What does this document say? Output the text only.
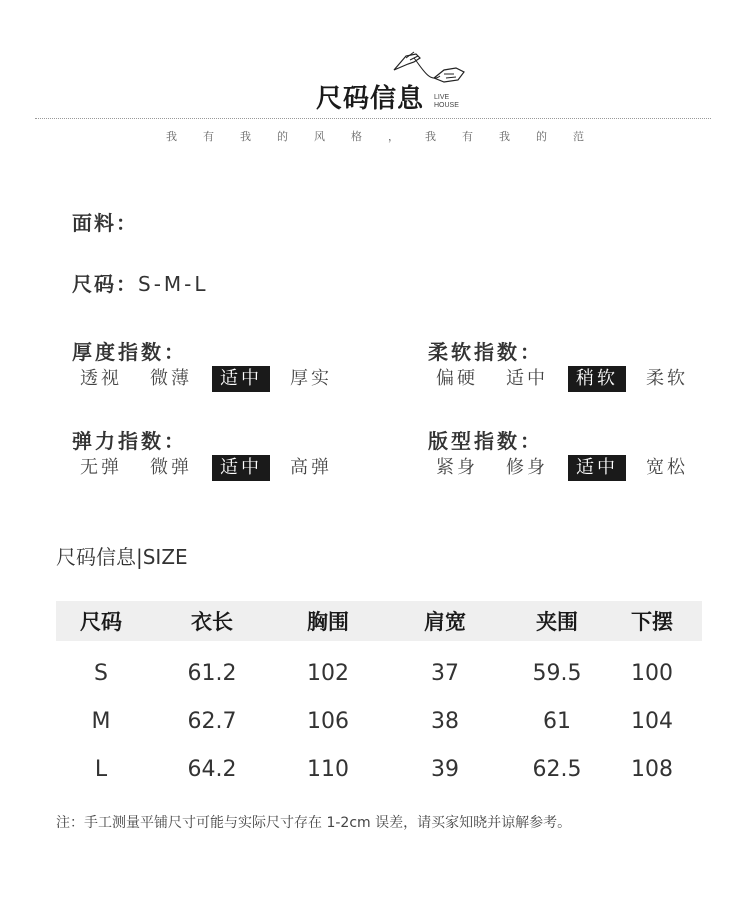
尺码信息 LIVE
HOUSE
我 有 我 的 风 格 ， 我 有 我 的 范
面料：
尺码：S-M-L
厚度指数：
透视	微薄	适中	厚实
柔软指数：
偏硬	适中	稍软	柔软
弹力指数：
无弹	微弹	适中	高弹
版型指数：
紧身	修身	适中	宽松
尺码信息|SIZE
尺码	衣长	胸围	肩宽	夹围	下摆
S	61.2	102	37	59.5	100
M	62.7	106	38	61	104
L	64.2	110	39	62.5	108
注：手工测量平铺尺寸可能与实际尺寸存在 1-2cm 误差，请买家知晓并谅解参考。
